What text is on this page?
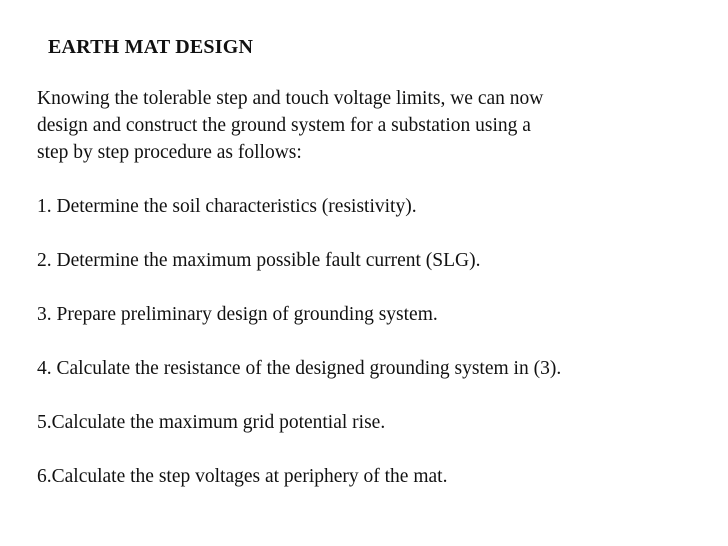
EARTH MAT DESIGN
Knowing the tolerable step and touch voltage limits, we can now
design and construct the ground system for a substation using a
step by step procedure as follows:
1. Determine the soil characteristics (resistivity).
2. Determine the maximum possible fault current (SLG).
3. Prepare preliminary design of grounding system.
4. Calculate the resistance of the designed grounding system in (3).
5.Calculate the maximum grid potential rise.
6.Calculate the step voltages at periphery of the mat.
